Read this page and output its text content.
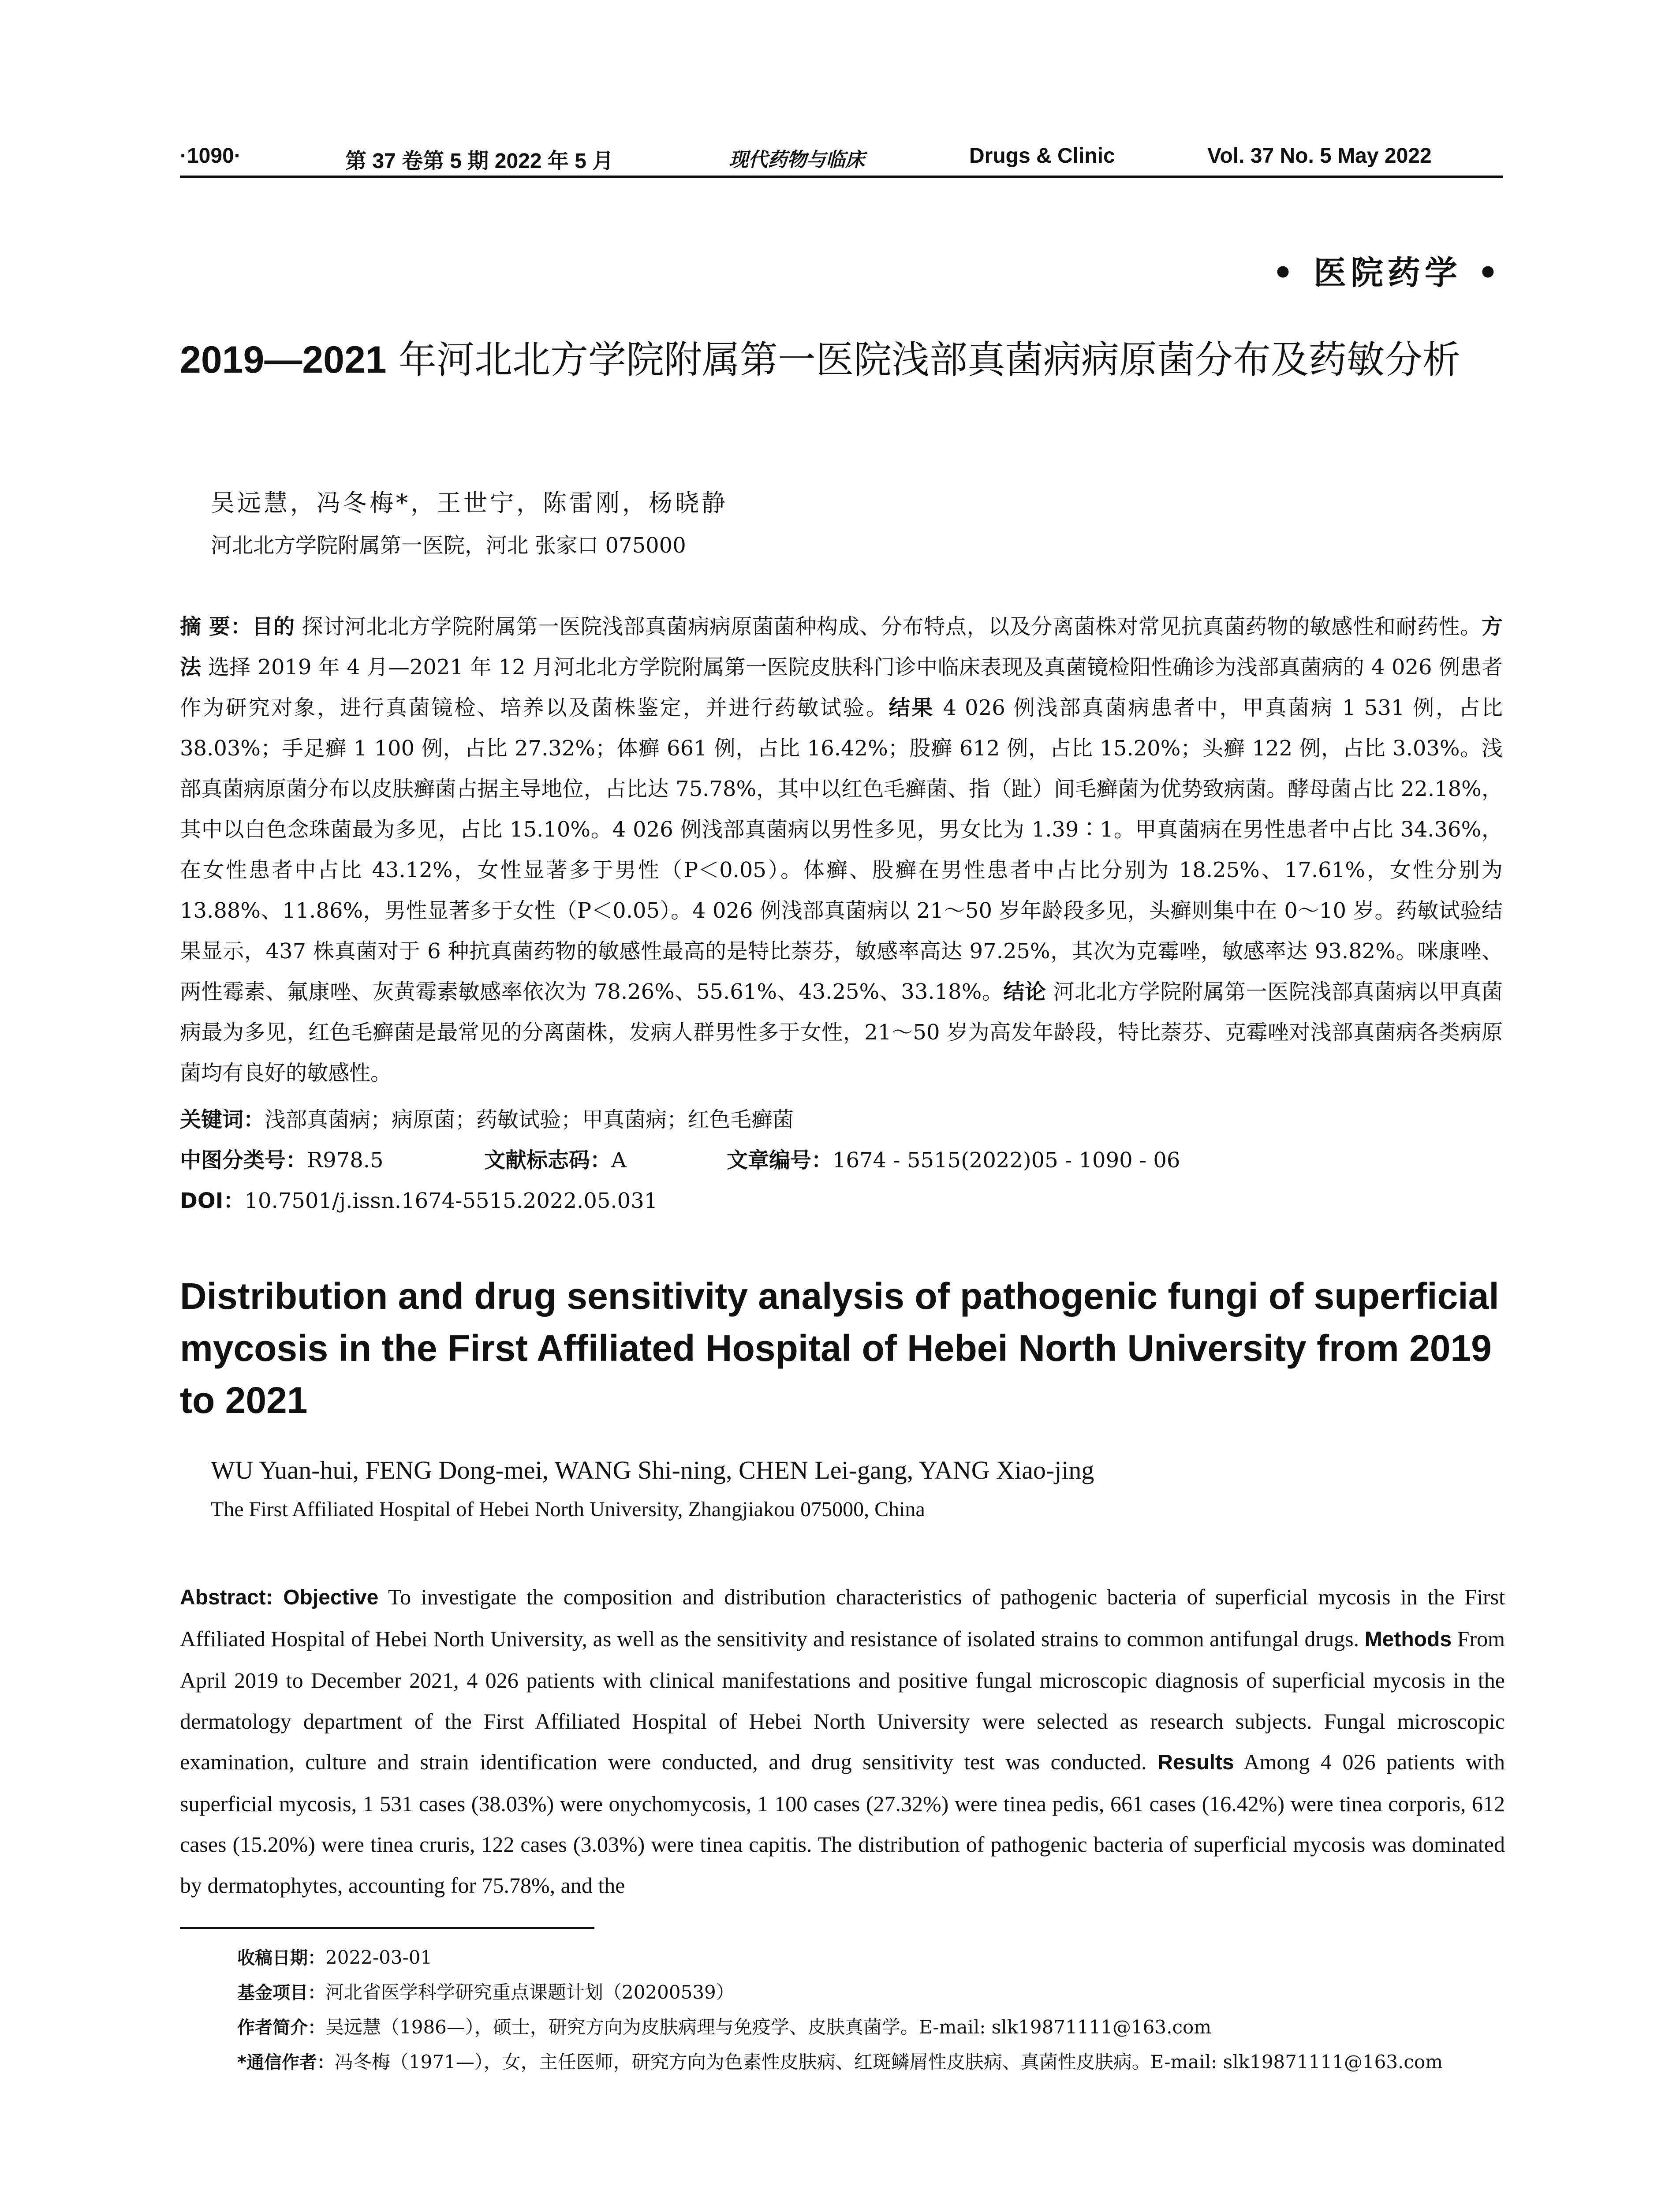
·1090·	第 37 卷第 5 期 2022 年 5 月	现代药物与临床	Drugs & Clinic	Vol. 37 No. 5 May 2022
• 医院药学 •
2019—2021 年河北北方学院附属第一医院浅部真菌病病原菌分布及药敏分析
吴远慧，冯冬梅*，王世宁，陈雷刚，杨晓静
河北北方学院附属第一医院，河北 张家口 075000
摘 要：目的 探讨河北北方学院附属第一医院浅部真菌病病原菌菌种构成、分布特点，以及分离菌株对常见抗真菌药物的敏感性和耐药性。方法 选择 2019 年 4 月—2021 年 12 月河北北方学院附属第一医院皮肤科门诊中临床表现及真菌镜检阳性确诊为浅部真菌病的 4 026 例患者作为研究对象，进行真菌镜检、培养以及菌株鉴定，并进行药敏试验。结果 4 026 例浅部真菌病患者中，甲真菌病 1 531 例，占比 38.03%；手足癣 1 100 例，占比 27.32%；体癣 661 例，占比 16.42%；股癣 612 例，占比 15.20%；头癣 122 例，占比 3.03%。浅部真菌病原菌分布以皮肤癣菌占据主导地位，占比达 75.78%，其中以红色毛癣菌、指（趾）间毛癣菌为优势致病菌。酵母菌占比 22.18%，其中以白色念珠菌最为多见，占比 15.10%。4 026 例浅部真菌病以男性多见，男女比为 1.39∶1。甲真菌病在男性患者中占比 34.36%，在女性患者中占比 43.12%，女性显著多于男性（P＜0.05）。体癣、股癣在男性患者中占比分别为 18.25%、17.61%，女性分别为 13.88%、11.86%，男性显著多于女性（P＜0.05）。4 026 例浅部真菌病以 21～50 岁年龄段多见，头癣则集中在 0～10 岁。药敏试验结果显示，437 株真菌对于 6 种抗真菌药物的敏感性最高的是特比萘芬，敏感率高达 97.25%，其次为克霉唑，敏感率达 93.82%。咪康唑、两性霉素、氟康唑、灰黄霉素敏感率依次为 78.26%、55.61%、43.25%、33.18%。结论 河北北方学院附属第一医院浅部真菌病以甲真菌病最为多见，红色毛癣菌是最常见的分离菌株，发病人群男性多于女性，21～50 岁为高发年龄段，特比萘芬、克霉唑对浅部真菌病各类病原菌均有良好的敏感性。
关键词：浅部真菌病；病原菌；药敏试验；甲真菌病；红色毛癣菌
中图分类号：R978.5	文献标志码：A	文章编号：1674 - 5515(2022)05 - 1090 - 06
DOI：10.7501/j.issn.1674-5515.2022.05.031
Distribution and drug sensitivity analysis of pathogenic fungi of superficial mycosis in the First Affiliated Hospital of Hebei North University from 2019 to 2021
WU Yuan-hui, FENG Dong-mei, WANG Shi-ning, CHEN Lei-gang, YANG Xiao-jing
The First Affiliated Hospital of Hebei North University, Zhangjiakou 075000, China
Abstract: Objective To investigate the composition and distribution characteristics of pathogenic bacteria of superficial mycosis in the First Affiliated Hospital of Hebei North University, as well as the sensitivity and resistance of isolated strains to common antifungal drugs. Methods From April 2019 to December 2021, 4 026 patients with clinical manifestations and positive fungal microscopic diagnosis of superficial mycosis in the dermatology department of the First Affiliated Hospital of Hebei North University were selected as research subjects. Fungal microscopic examination, culture and strain identification were conducted, and drug sensitivity test was conducted. Results Among 4 026 patients with superficial mycosis, 1 531 cases (38.03%) were onychomycosis, 1 100 cases (27.32%) were tinea pedis, 661 cases (16.42%) were tinea corporis, 612 cases (15.20%) were tinea cruris, 122 cases (3.03%) were tinea capitis. The distribution of pathogenic bacteria of superficial mycosis was dominated by dermatophytes, accounting for 75.78%, and the
收稿日期：2022-03-01
基金项目：河北省医学科学研究重点课题计划（20200539）
作者简介：吴远慧（1986—），硕士，研究方向为皮肤病理与免疫学、皮肤真菌学。E-mail: slk19871111@163.com
*通信作者：冯冬梅（1971—），女，主任医师，研究方向为色素性皮肤病、红斑鳞屑性皮肤病、真菌性皮肤病。E-mail: slk19871111@163.com
